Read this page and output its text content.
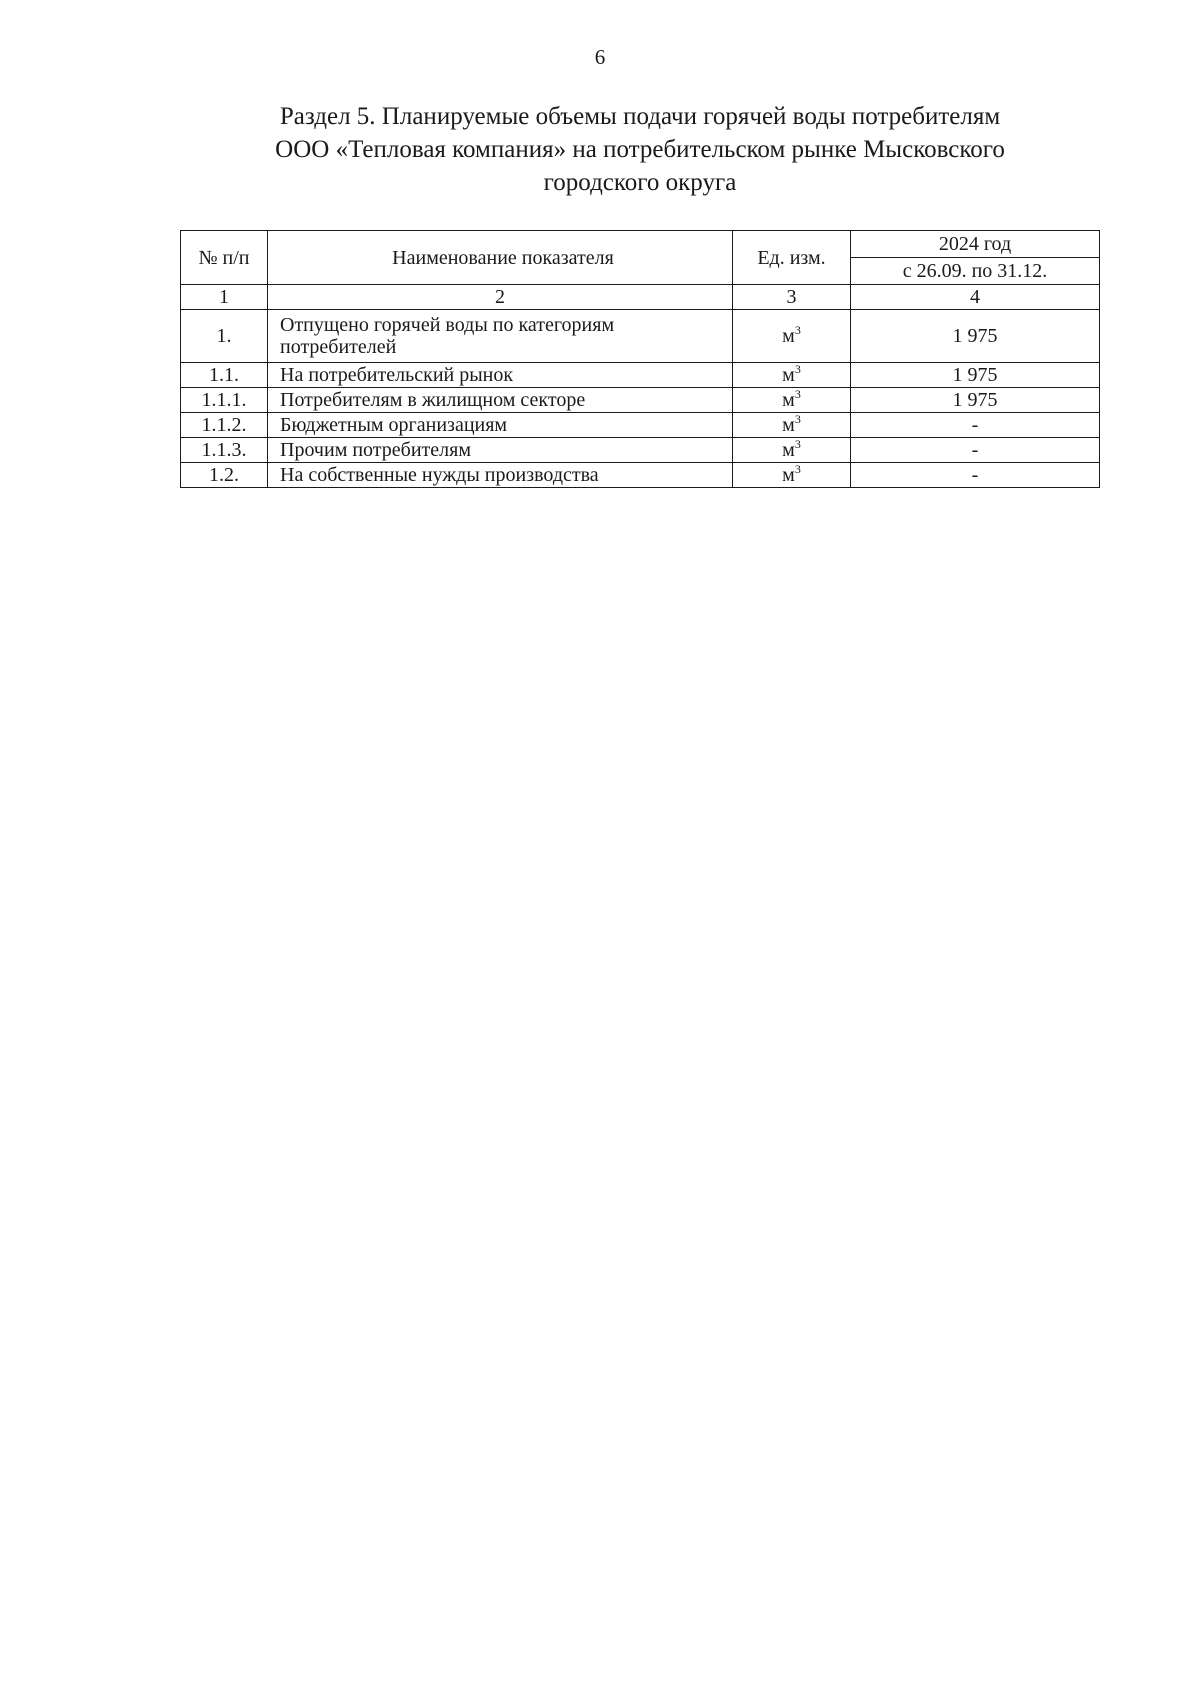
6
Раздел 5. Планируемые объемы подачи горячей воды потребителям
ООО «Тепловая компания» на потребительском рынке Мысковского
городского округа
№ п/п	Наименование показателя	Ед. изм.	2024 год
			с 26.09. по 31.12.
1	2	3	4
1.	Отпущено горячей воды по категориям потребителей	$м^3$	1 975
1.1.	На потребительский рынок	$м^3$	1 975
1.1.1.	Потребителям в жилищном секторе	$м^3$	1 975
1.1.2.	Бюджетным организациям	$м^3$	-
1.1.3.	Прочим потребителям	$м^3$	-
1.2.	На собственные нужды производства	$м^3$	-
